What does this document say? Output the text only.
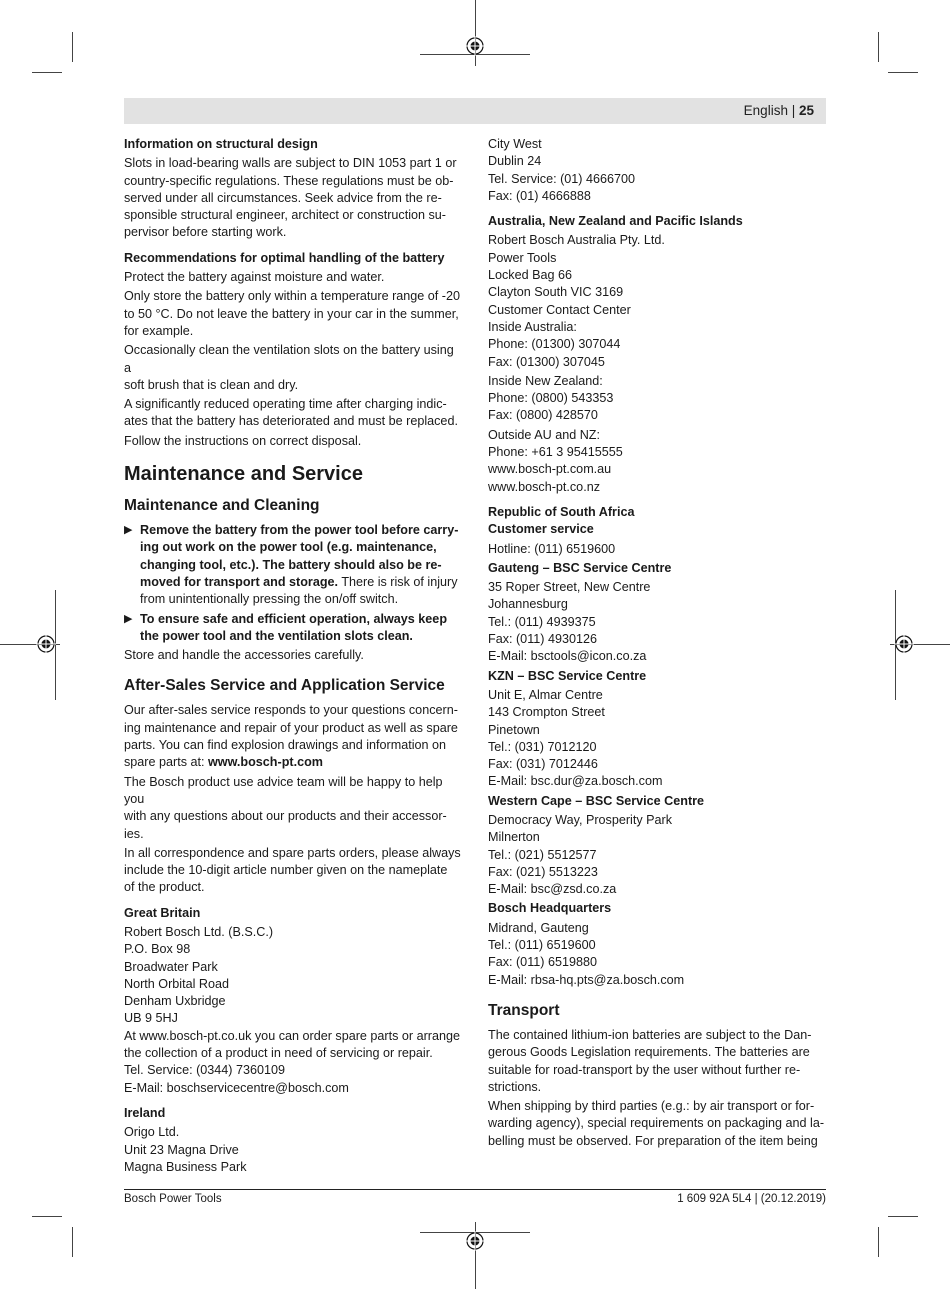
English | 25
Information on structural design

Slots in load-bearing walls are subject to DIN 1053 part 1 or
country-specific regulations. These regulations must be ob-
served under all circumstances. Seek advice from the re-
sponsible structural engineer, architect or construction su-
pervisor before starting work.

Recommendations for optimal handling of the battery

Protect the battery against moisture and water.

Only store the battery only within a temperature range of -20
to 50 °C. Do not leave the battery in your car in the summer,
for example.

Occasionally clean the ventilation slots on the battery using a
soft brush that is clean and dry.

A significantly reduced operating time after charging indic-
ates that the battery has deteriorated and must be replaced.

Follow the instructions on correct disposal.

Maintenance and Service
Maintenance and Cleaning
▶ Remove the battery from the power tool before carry-
ing out work on the power tool (e.g. maintenance,
changing tool, etc.). The battery should also be re-
moved for transport and storage. There is risk of injury
from unintentionally pressing the on/off switch.
▶ To ensure safe and efficient operation, always keep
the power tool and the ventilation slots clean.

Store and handle the accessories carefully.

After-Sales Service and Application Service

Our after-sales service responds to your questions concern-
ing maintenance and repair of your product as well as spare
parts. You can find explosion drawings and information on
spare parts at: www.bosch-pt.com

The Bosch product use advice team will be happy to help you
with any questions about our products and their accessor-
ies.

In all correspondence and spare parts orders, please always
include the 10-digit article number given on the nameplate
of the product.

Great Britain

Robert Bosch Ltd. (B.S.C.)
P.O. Box 98
Broadwater Park
North Orbital Road
Denham Uxbridge
UB 9 5HJ
At www.bosch-pt.co.uk you can order spare parts or arrange
the collection of a product in need of servicing or repair.
Tel. Service: (0344) 7360109
E-Mail: boschservicecentre@bosch.com

Ireland

Origo Ltd.
Unit 23 Magna Drive
Magna Business Park

City West
Dublin 24
Tel. Service: (01) 4666700
Fax: (01) 4666888

Australia, New Zealand and Pacific Islands

Robert Bosch Australia Pty. Ltd.
Power Tools
Locked Bag 66
Clayton South VIC 3169
Customer Contact Center
Inside Australia:
Phone: (01300) 307044
Fax: (01300) 307045

Inside New Zealand:
Phone: (0800) 543353
Fax: (0800) 428570

Outside AU and NZ:
Phone: +61 3 95415555
www.bosch-pt.com.au
www.bosch-pt.co.nz

Republic of South Africa
Customer service

Hotline: (011) 6519600

Gauteng – BSC Service Centre

35 Roper Street, New Centre
Johannesburg
Tel.: (011) 4939375
Fax: (011) 4930126
E-Mail: bsctools@icon.co.za

KZN – BSC Service Centre

Unit E, Almar Centre
143 Crompton Street
Pinetown
Tel.: (031) 7012120
Fax: (031) 7012446
E-Mail: bsc.dur@za.bosch.com

Western Cape – BSC Service Centre

Democracy Way, Prosperity Park
Milnerton
Tel.: (021) 5512577
Fax: (021) 5513223
E-Mail: bsc@zsd.co.za

Bosch Headquarters

Midrand, Gauteng
Tel.: (011) 6519600
Fax: (011) 6519880
E-Mail: rbsa-hq.pts@za.bosch.com

Transport

The contained lithium-ion batteries are subject to the Dan-
gerous Goods Legislation requirements. The batteries are
suitable for road-transport by the user without further re-
strictions.

When shipping by third parties (e.g.: by air transport or for-
warding agency), special requirements on packaging and la-
belling must be observed. For preparation of the item being

Bosch Power Tools	1 609 92A 5L4 | (20.12.2019)
